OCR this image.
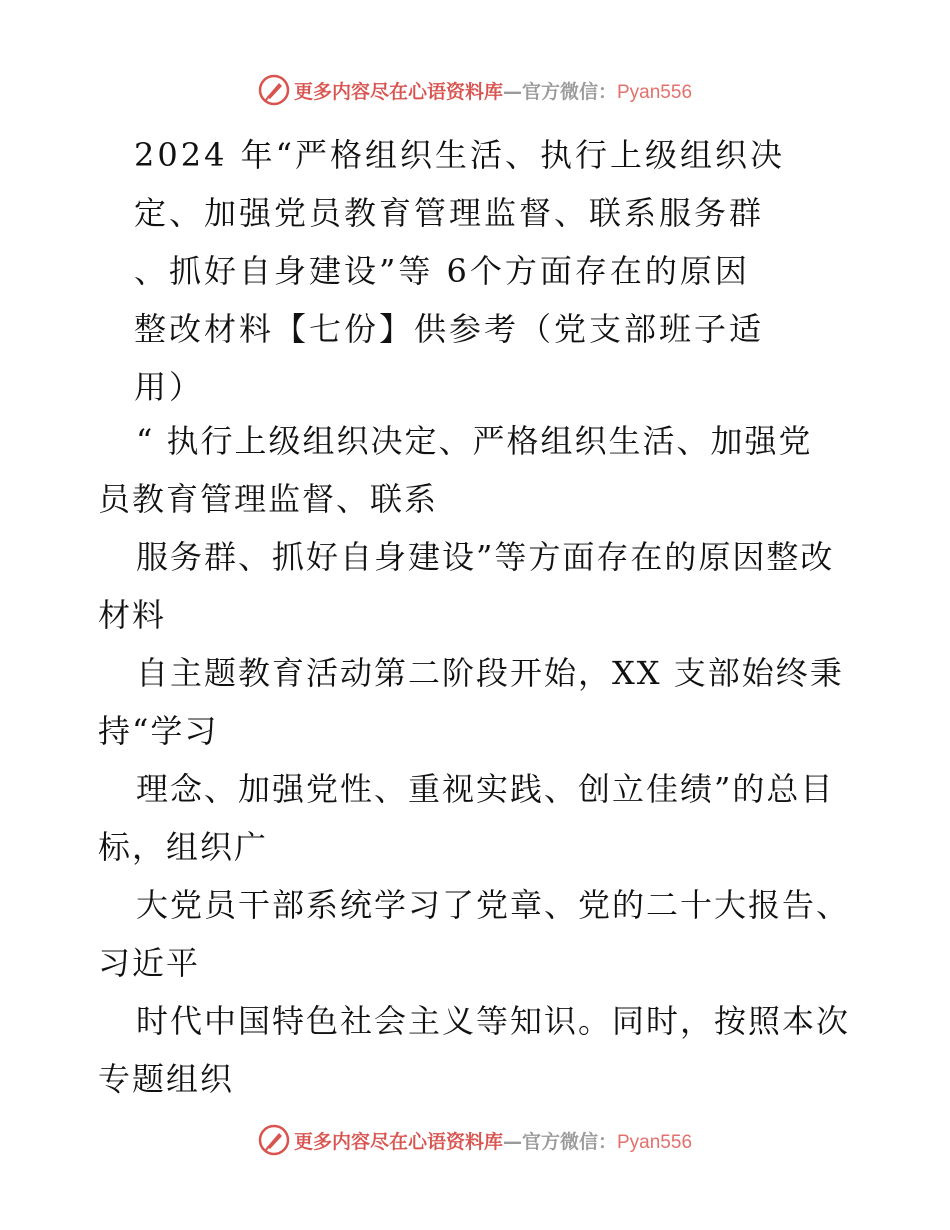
更多内容尽在心语资料库—官方微信：Pyan556
2024 年“严格组织生活、执行上级组织决
定、加强党员教育管理监督、联系服务群
、抓好自身建设”等 6个方面存在的原因
整改材料【七份】供参考（党支部班子适
用）
“ 执行上级组织决定、严格组织生活、加强党
员教育管理监督、联系
服务群、抓好自身建设”等方面存在的原因整改
材料
自主题教育活动第二阶段开始，XX 支部始终秉
持“学习
理念、加强党性、重视实践、创立佳绩”的总目
标，组织广
大党员干部系统学习了党章、党的二十大报告、
习近平
时代中国特色社会主义等知识。同时，按照本次
专题组织
更多内容尽在心语资料库—官方微信：Pyan556
